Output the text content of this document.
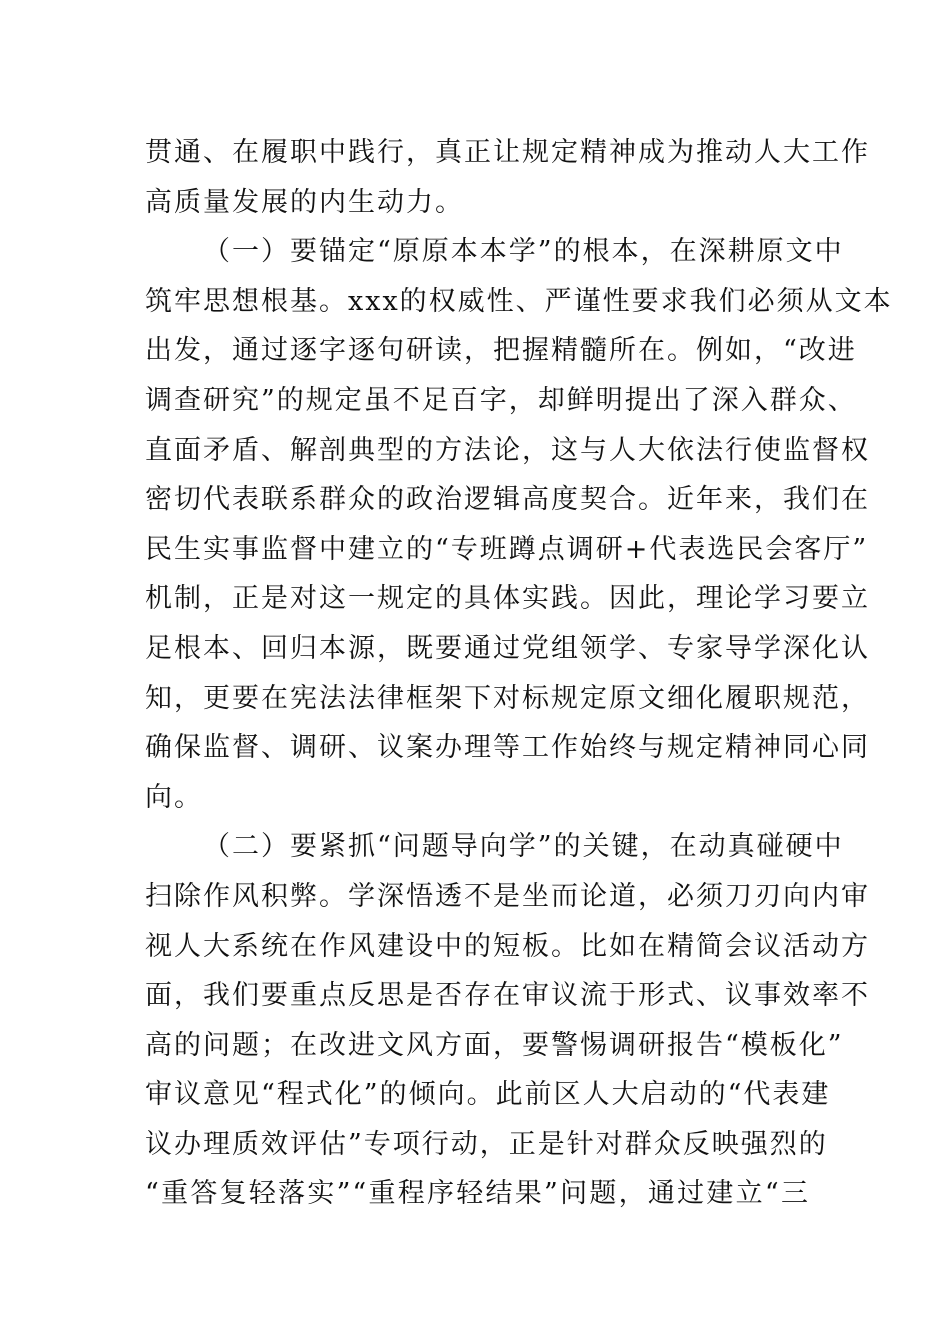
贯通、在履职中践行，真正让规定精神成为推动人大工作
高质量发展的内生动力。
（一）要锚定“原原本本学”的根本，在深耕原文中
筑牢思想根基。xxx的权威性、严谨性要求我们必须从文本
出发，通过逐字逐句研读，把握精髓所在。例如，“改进
调查研究”的规定虽不足百字，却鲜明提出了深入群众、
直面矛盾、解剖典型的方法论，这与人大依法行使监督权
密切代表联系群众的政治逻辑高度契合。近年来，我们在
民生实事监督中建立的“专班蹲点调研+代表选民会客厅”
机制，正是对这一规定的具体实践。因此，理论学习要立
足根本、回归本源，既要通过党组领学、专家导学深化认
知，更要在宪法法律框架下对标规定原文细化履职规范，
确保监督、调研、议案办理等工作始终与规定精神同心同
向。
（二）要紧抓“问题导向学”的关键，在动真碰硬中
扫除作风积弊。学深悟透不是坐而论道，必须刀刃向内审
视人大系统在作风建设中的短板。比如在精简会议活动方
面，我们要重点反思是否存在审议流于形式、议事效率不
高的问题；在改进文风方面，要警惕调研报告“模板化”
审议意见“程式化”的倾向。此前区人大启动的“代表建
议办理质效评估”专项行动，正是针对群众反映强烈的
“重答复轻落实”“重程序轻结果”问题，通过建立“三
